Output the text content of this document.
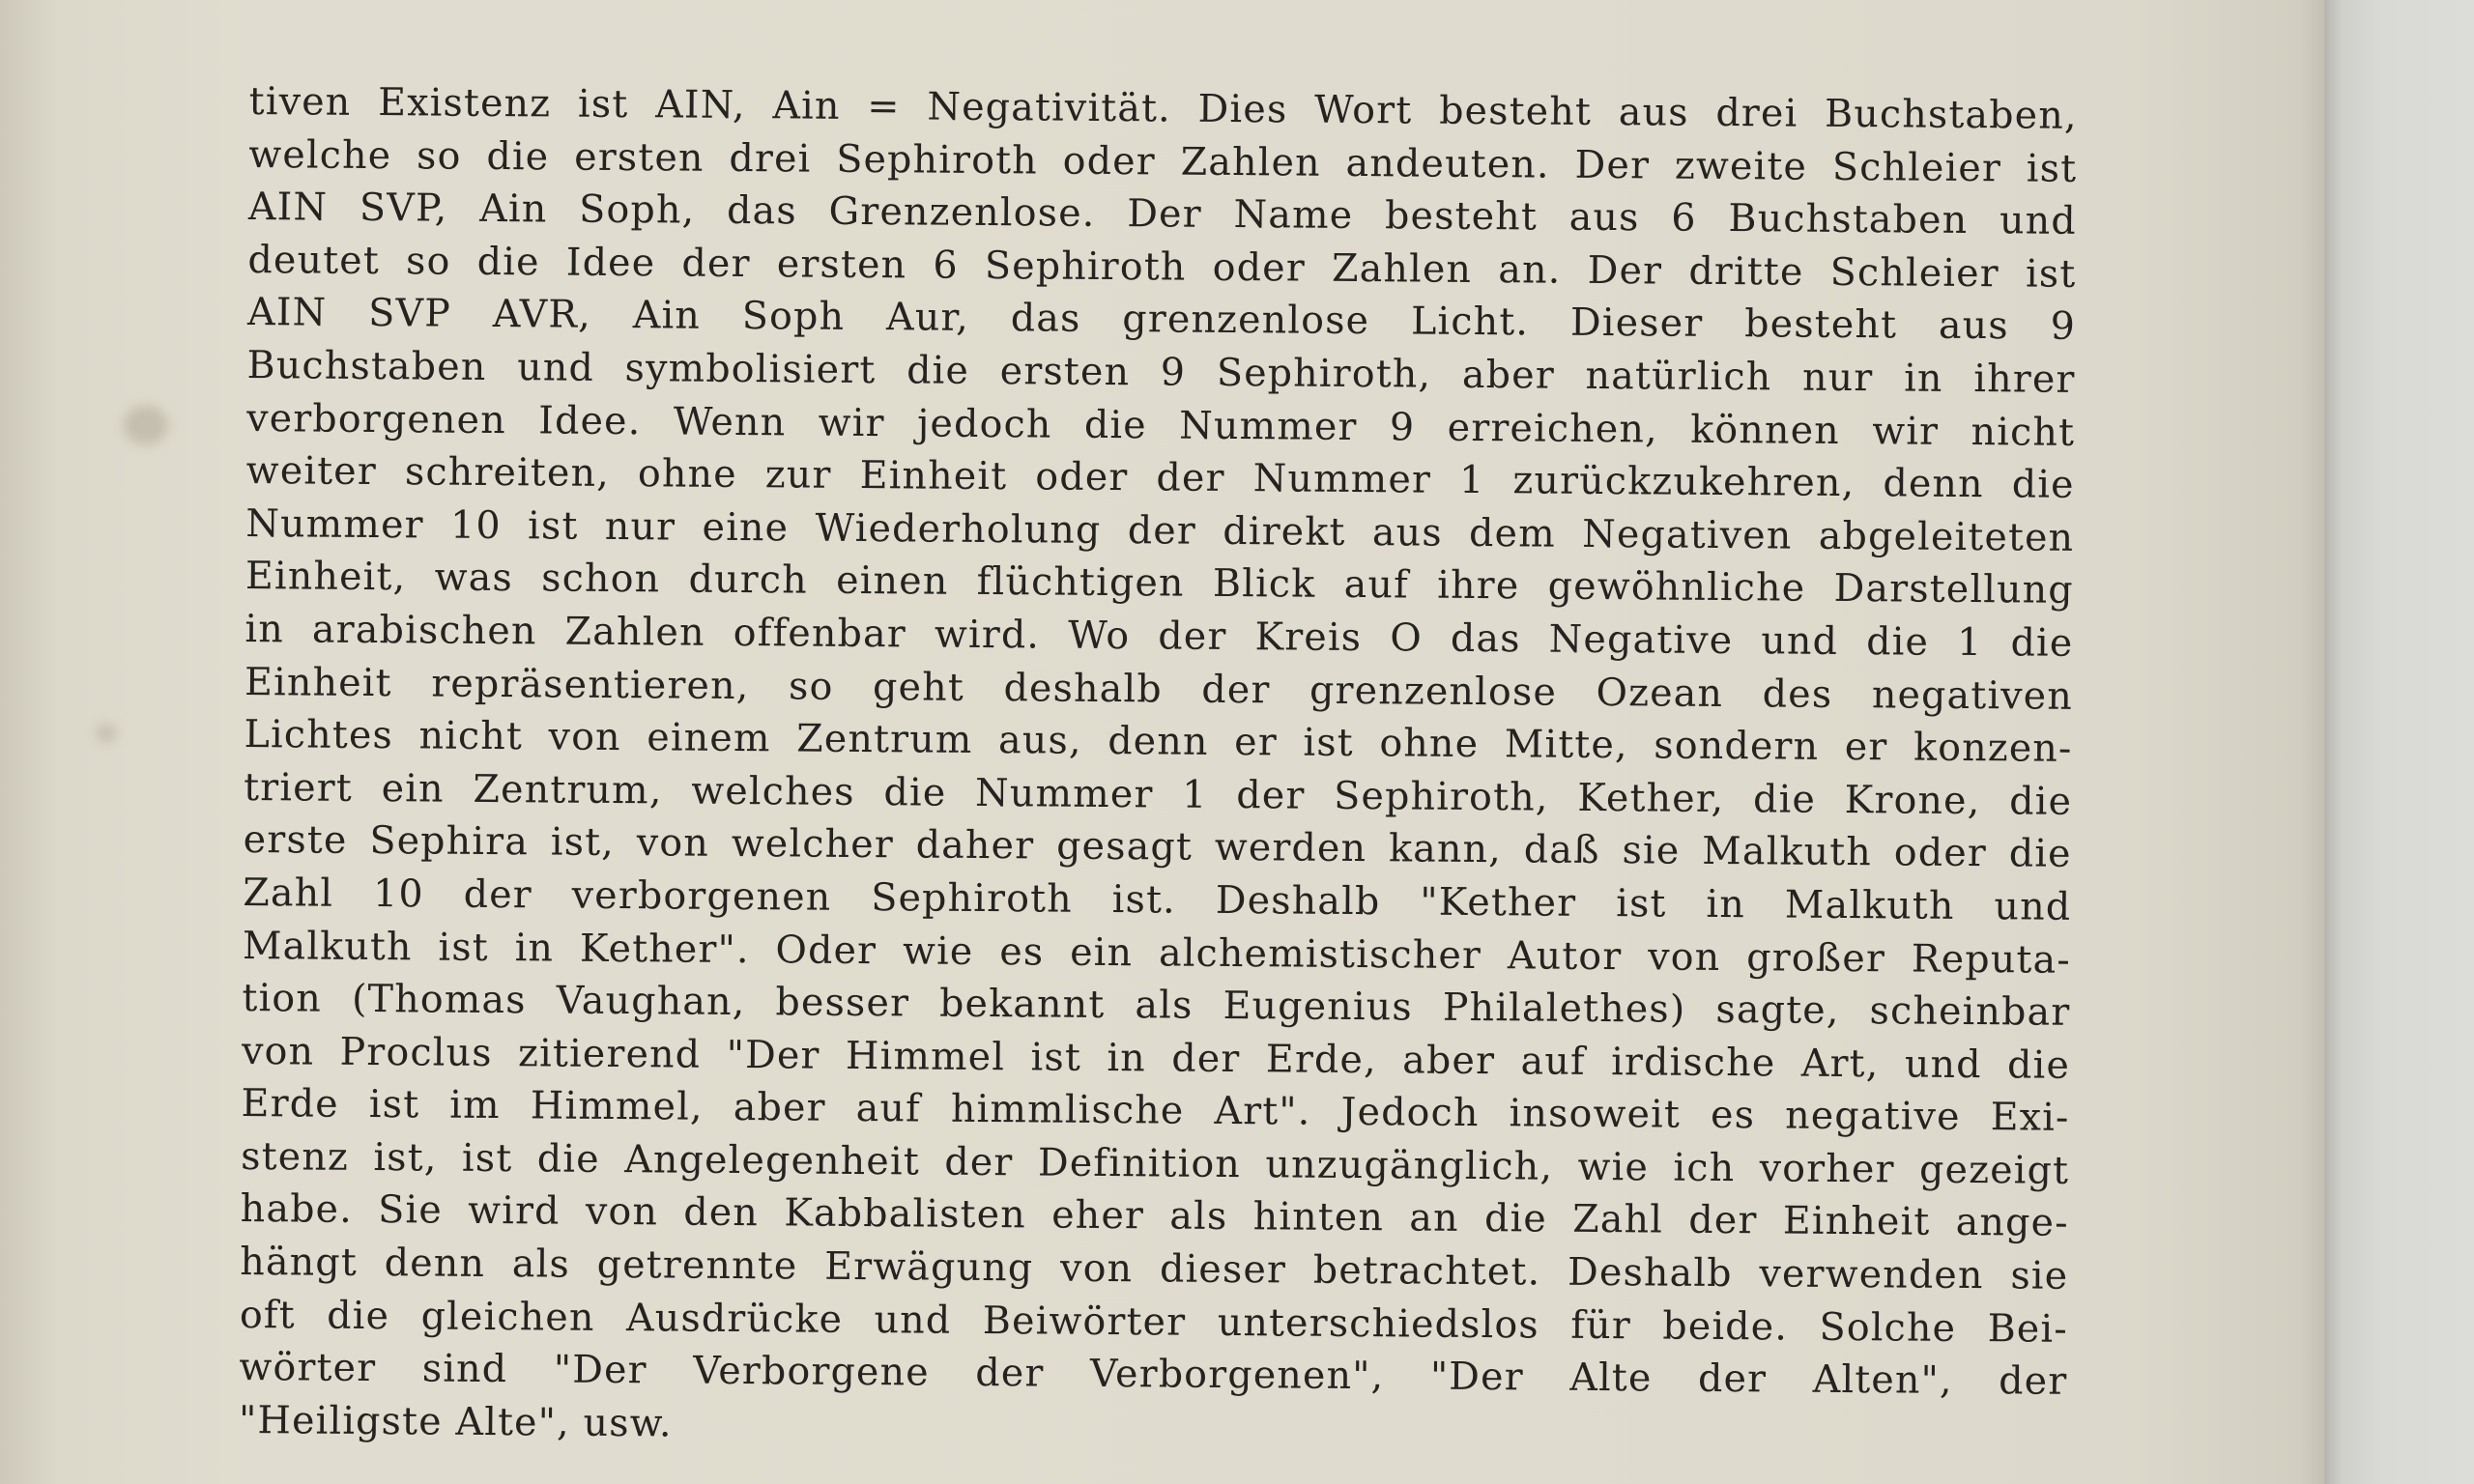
tiven Existenz ist AIN, Ain = Negativität. Dies Wort besteht aus drei Buchstaben,
welche so die ersten drei Sephiroth oder Zahlen andeuten. Der zweite Schleier ist
AIN SVP, Ain Soph, das Grenzenlose. Der Name besteht aus 6 Buchstaben und
deutet so die Idee der ersten 6 Sephiroth oder Zahlen an. Der dritte Schleier ist
AIN SVP AVR, Ain Soph Aur, das grenzenlose Licht. Dieser besteht aus 9
Buchstaben und symbolisiert die ersten 9 Sephiroth, aber natürlich nur in ihrer
verborgenen Idee. Wenn wir jedoch die Nummer 9 erreichen, können wir nicht
weiter schreiten, ohne zur Einheit oder der Nummer 1 zurückzukehren, denn die
Nummer 10 ist nur eine Wiederholung der direkt aus dem Negativen abgeleiteten
Einheit, was schon durch einen flüchtigen Blick auf ihre gewöhnliche Darstellung
in arabischen Zahlen offenbar wird. Wo der Kreis O das Negative und die 1 die
Einheit repräsentieren, so geht deshalb der grenzenlose Ozean des negativen
Lichtes nicht von einem Zentrum aus, denn er ist ohne Mitte, sondern er konzen-
triert ein Zentrum, welches die Nummer 1 der Sephiroth, Kether, die Krone, die
erste Sephira ist, von welcher daher gesagt werden kann, daß sie Malkuth oder die
Zahl 10 der verborgenen Sephiroth ist. Deshalb "Kether ist in Malkuth und
Malkuth ist in Kether". Oder wie es ein alchemistischer Autor von großer Reputa-
tion (Thomas Vaughan, besser bekannt als Eugenius Philalethes) sagte, scheinbar
von Proclus zitierend "Der Himmel ist in der Erde, aber auf irdische Art, und die
Erde ist im Himmel, aber auf himmlische Art". Jedoch insoweit es negative Exi-
stenz ist, ist die Angelegenheit der Definition unzugänglich, wie ich vorher gezeigt
habe. Sie wird von den Kabbalisten eher als hinten an die Zahl der Einheit ange-
hängt denn als getrennte Erwägung von dieser betrachtet. Deshalb verwenden sie
oft die gleichen Ausdrücke und Beiwörter unterschiedslos für beide. Solche Bei-
wörter sind "Der Verborgene der Verborgenen", "Der Alte der Alten", der
"Heiligste Alte", usw.
